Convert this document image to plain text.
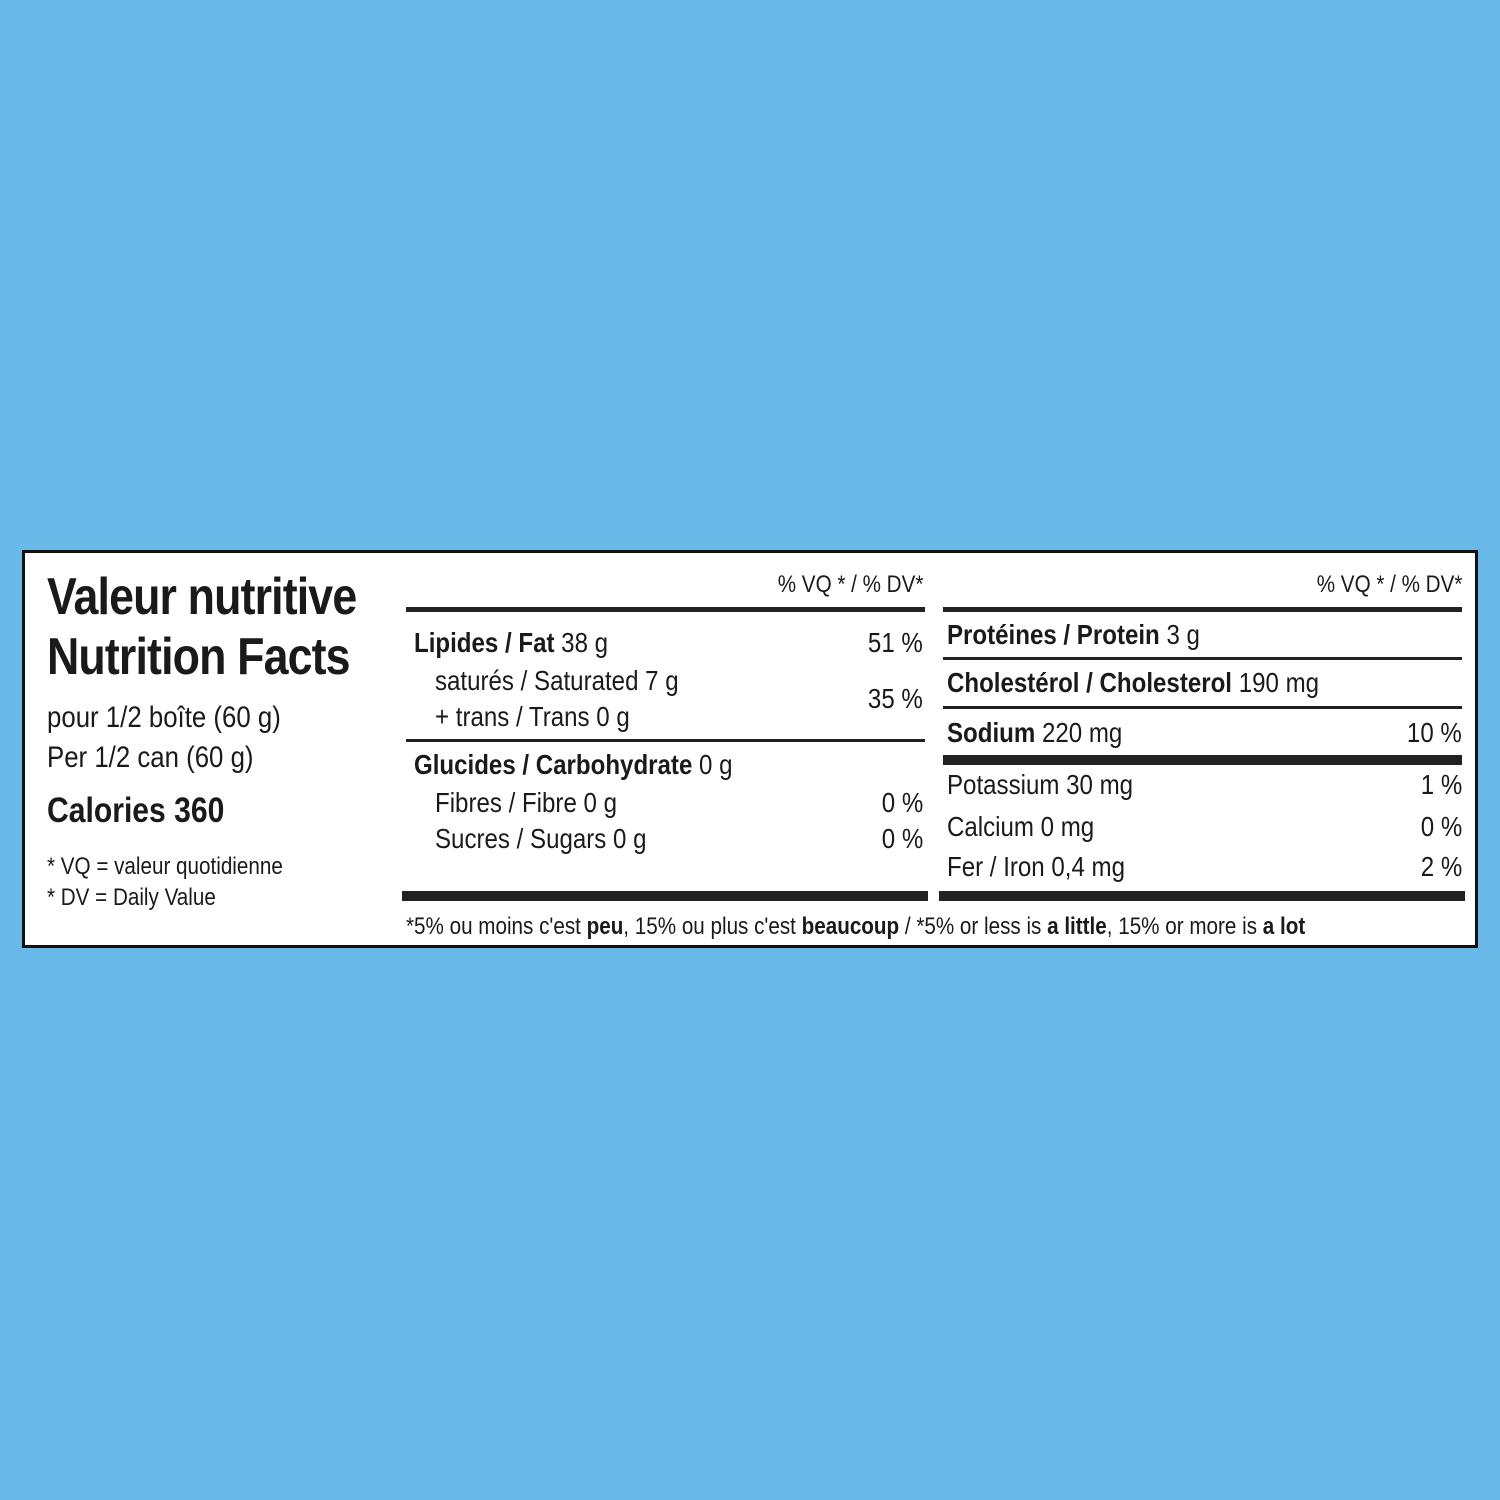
Valeur nutritive
Nutrition Facts
pour 1/2 boîte (60 g)
Per 1/2 can (60 g)
Calories 360
* VQ = valeur quotidienne
* DV = Daily Value
% VQ * / % DV*
Lipides / Fat 38 g	51 %
saturés / Saturated 7 g
+ trans / Trans 0 g
35 %
Glucides / Carbohydrate 0 g
Fibres / Fibre 0 g	0 %
Sucres / Sugars 0 g	0 %
% VQ * / % DV*
Protéines / Protein 3 g
Cholestérol / Cholesterol 190 mg
Sodium 220 mg	10 %
Potassium 30 mg	1 %
Calcium 0 mg	0 %
Fer / Iron 0,4 mg	2 %
*5% ou moins c'est peu, 15% ou plus c'est beaucoup / *5% or less is a little, 15% or more is a lot
